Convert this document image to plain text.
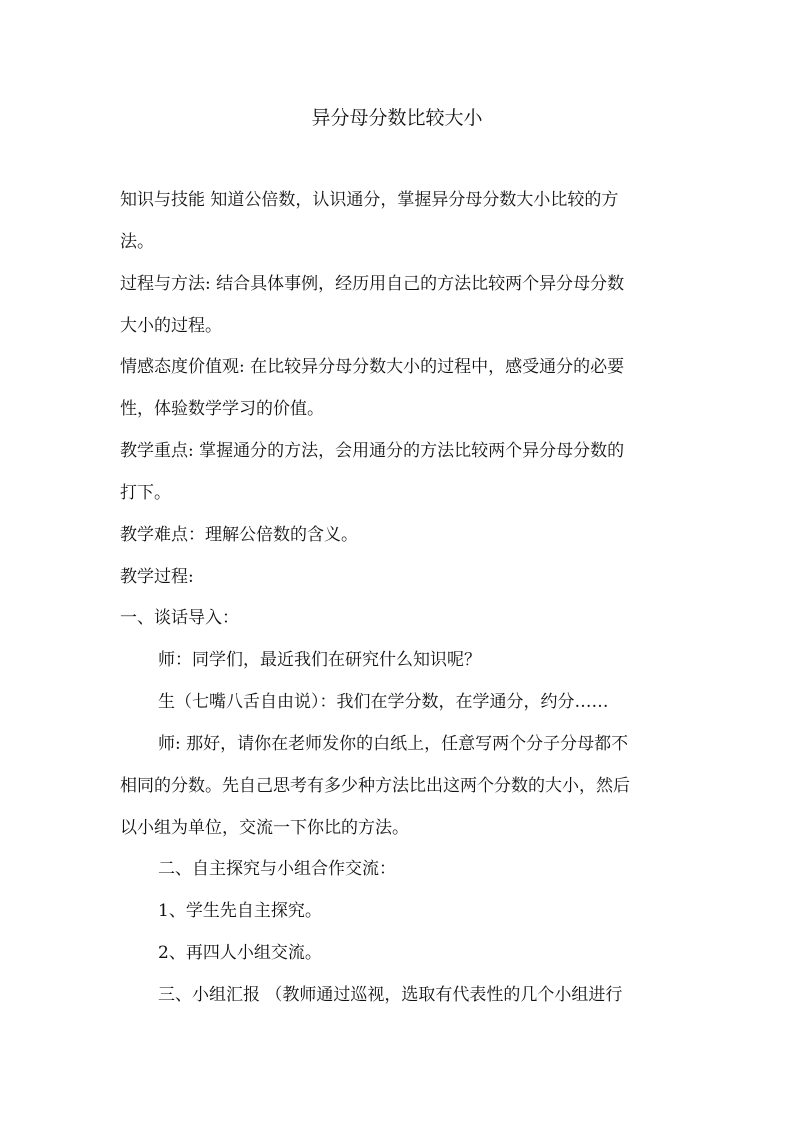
异分母分数比较大小
知识与技能 知道公倍数，认识通分，掌握异分母分数大小比较的方
法。
过程与方法: 结合具体事例，经历用自己的方法比较两个异分母分数
大小的过程。
情感态度价值观: 在比较异分母分数大小的过程中，感受通分的必要
性，体验数学学习的价值。
教学重点: 掌握通分的方法，会用通分的方法比较两个异分母分数的
打下。
教学难点：理解公倍数的含义。
教学过程:
一、谈话导入：
师：同学们，最近我们在研究什么知识呢？
生（七嘴八舌自由说）：我们在学分数，在学通分，约分……
师: 那好，请你在老师发你的白纸上，任意写两个分子分母都不
相同的分数。先自己思考有多少种方法比出这两个分数的大小，然后
以小组为单位，交流一下你比的方法。
二、自主探究与小组合作交流：
1、学生先自主探究。
2、再四人小组交流。
三、小组汇报 （教师通过巡视，选取有代表性的几个小组进行
